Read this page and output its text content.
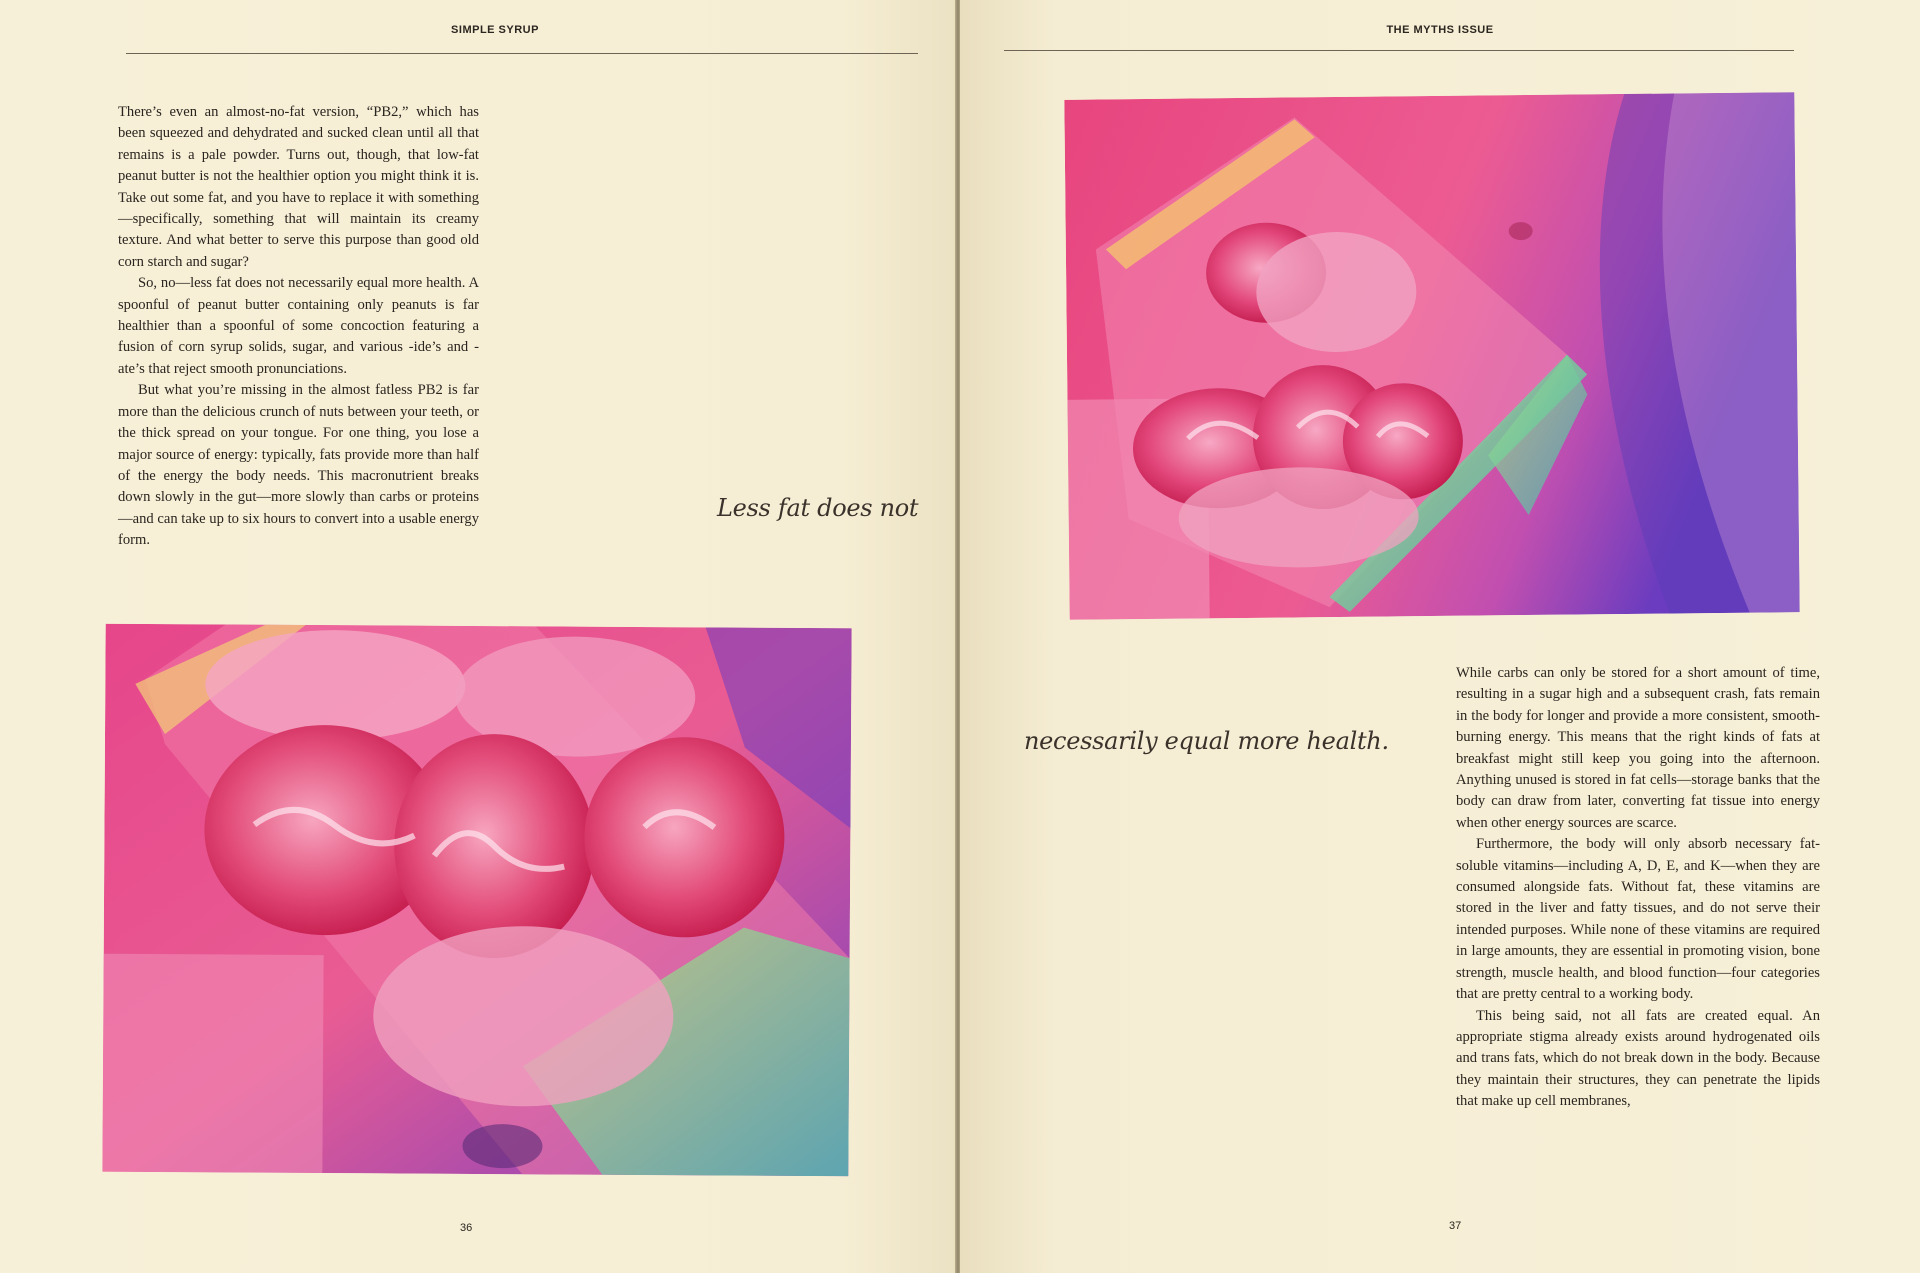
SIMPLE SYRUP

There’s even an almost-no-fat version, “PB2,” which has been squeezed and dehydrated and sucked clean until all that remains is a pale powder. Turns out, though, that low-fat peanut butter is not the healthier option you might think it is. Take out some fat, and you have to replace it with something—specifically, something that will maintain its creamy texture. And what better to serve this purpose than good old corn starch and sugar?

So, no—less fat does not necessarily equal more health. A spoonful of peanut butter containing only peanuts is far healthier than a spoonful of some concoction featuring a fusion of corn syrup solids, sugar, and various -ide’s and -ate’s that reject smooth pronunciations.

But what you’re missing in the almost fatless PB2 is far more than the delicious crunch of nuts between your teeth, or the thick spread on your tongue. For one thing, you lose a major source of energy: typically, fats provide more than half of the energy the body needs. This macronutrient breaks down slowly in the gut—more slowly than carbs or proteins—and can take up to six hours to convert into a usable energy form.

Less fat does not
36
THE MYTHS ISSUE
necessarily equal more health.

While carbs can only be stored for a short amount of time, resulting in a sugar high and a subsequent crash, fats remain in the body for longer and provide a more consistent, smooth-burning energy. This means that the right kinds of fats at breakfast might still keep you going into the afternoon. Anything unused is stored in fat cells—storage banks that the body can draw from later, converting fat tissue into energy when other energy sources are scarce.

Furthermore, the body will only absorb necessary fat-soluble vitamins—including A, D, E, and K—when they are consumed alongside fats. Without fat, these vitamins are stored in the liver and fatty tissues, and do not serve their intended purposes. While none of these vitamins are required in large amounts, they are essential in promoting vision, bone strength, muscle health, and blood function—four categories that are pretty central to a working body.

This being said, not all fats are created equal. An appropriate stigma already exists around hydrogenated oils and trans fats, which do not break down in the body. Because they maintain their structures, they can penetrate the lipids that make up cell membranes,

37
